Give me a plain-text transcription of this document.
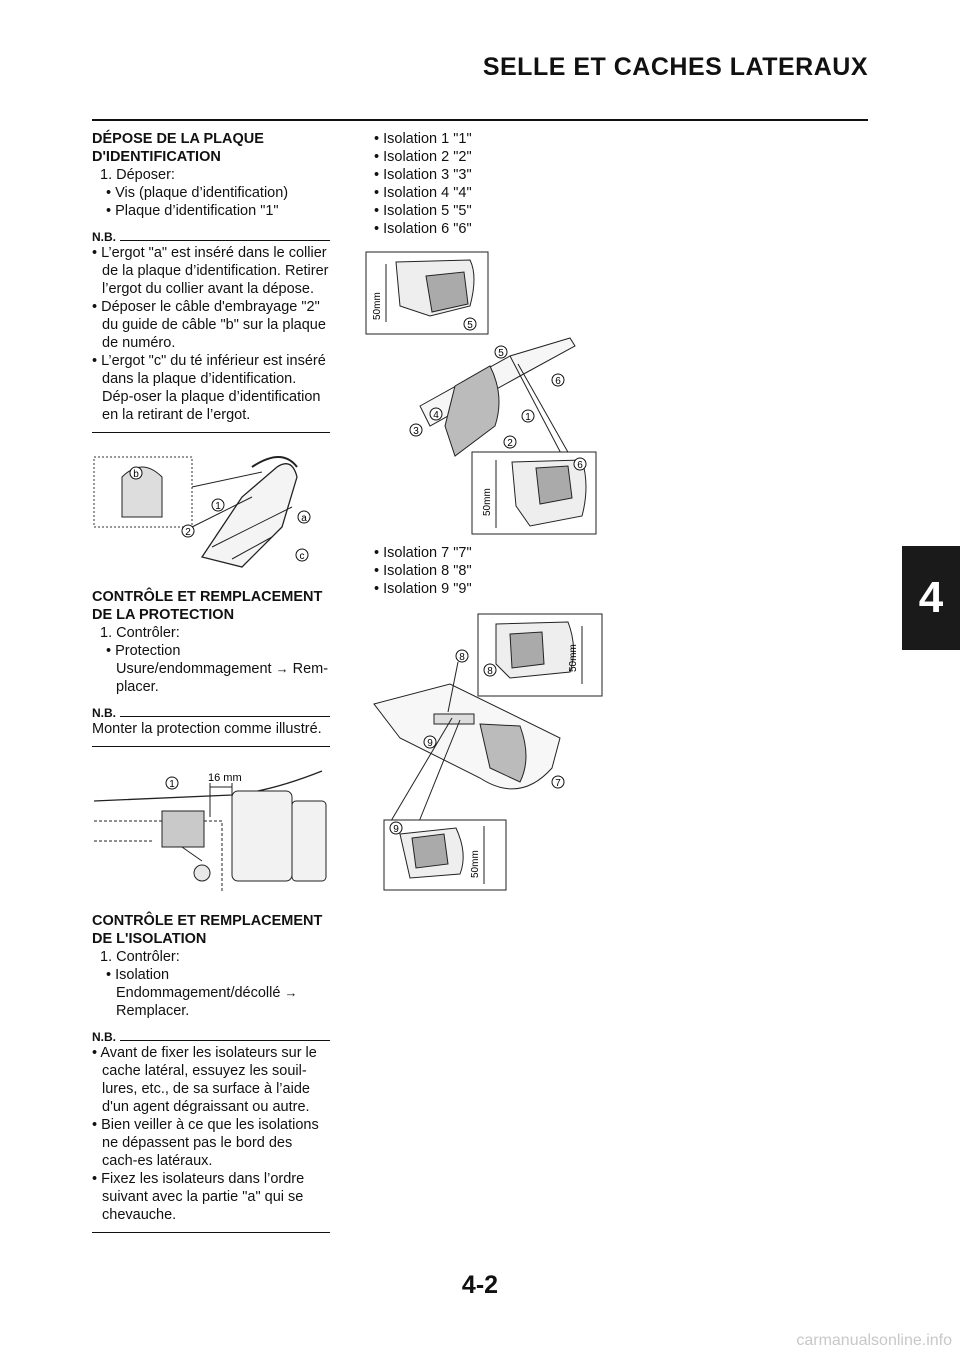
SELLE ET CACHES LATERAUX
DÉPOSE DE LA PLAQUE D'IDENTIFICATION
1. Déposer:
• Vis (plaque d’identification)
• Plaque d’identification "1"
N.B.
• L’ergot "a" est inséré dans le collier de la plaque d’identification. Retirer l’ergot du collier avant la dépose.
• Déposer le câble d'embrayage "2" du guide de câble "b" sur la plaque de numéro.
• L’ergot "c" du té inférieur est inséré dans la plaque d’identification. Dép-oser la plaque d’identification en la retirant de l’ergot.
b
2
1
a
c
CONTRÔLE ET REMPLACEMENT DE LA PROTECTION
1. Contrôler:
• Protection
Usure/endommagement → Rem-placer.
N.B.
Monter la protection comme illustré.
1
16 mm
CONTRÔLE ET REMPLACEMENT DE L'ISOLATION
1. Contrôler:
• Isolation
Endommagement/décollé →
Remplacer.
N.B.
• Avant de fixer les isolateurs sur le cache latéral, essuyez les souil-lures, etc., de sa surface à l’aide d'un agent dégraissant ou autre.
• Bien veiller à ce que les isolations ne dépassent pas le bord des cach-es latéraux.
• Fixez les isolateurs dans l’ordre suivant avec la partie "a" qui se chevauche.
• Isolation 1 "1"
• Isolation 2 "2"
• Isolation 3 "3"
• Isolation 4 "4"
• Isolation 5 "5"
• Isolation 6 "6"
50mm
5
5
6
4
3
1
2
50mm
6
• Isolation 7 "7"
• Isolation 8 "8"
• Isolation 9 "9"
50mm
8
8
9
7
50mm
9
4
4-2
carmanualsonline.info
